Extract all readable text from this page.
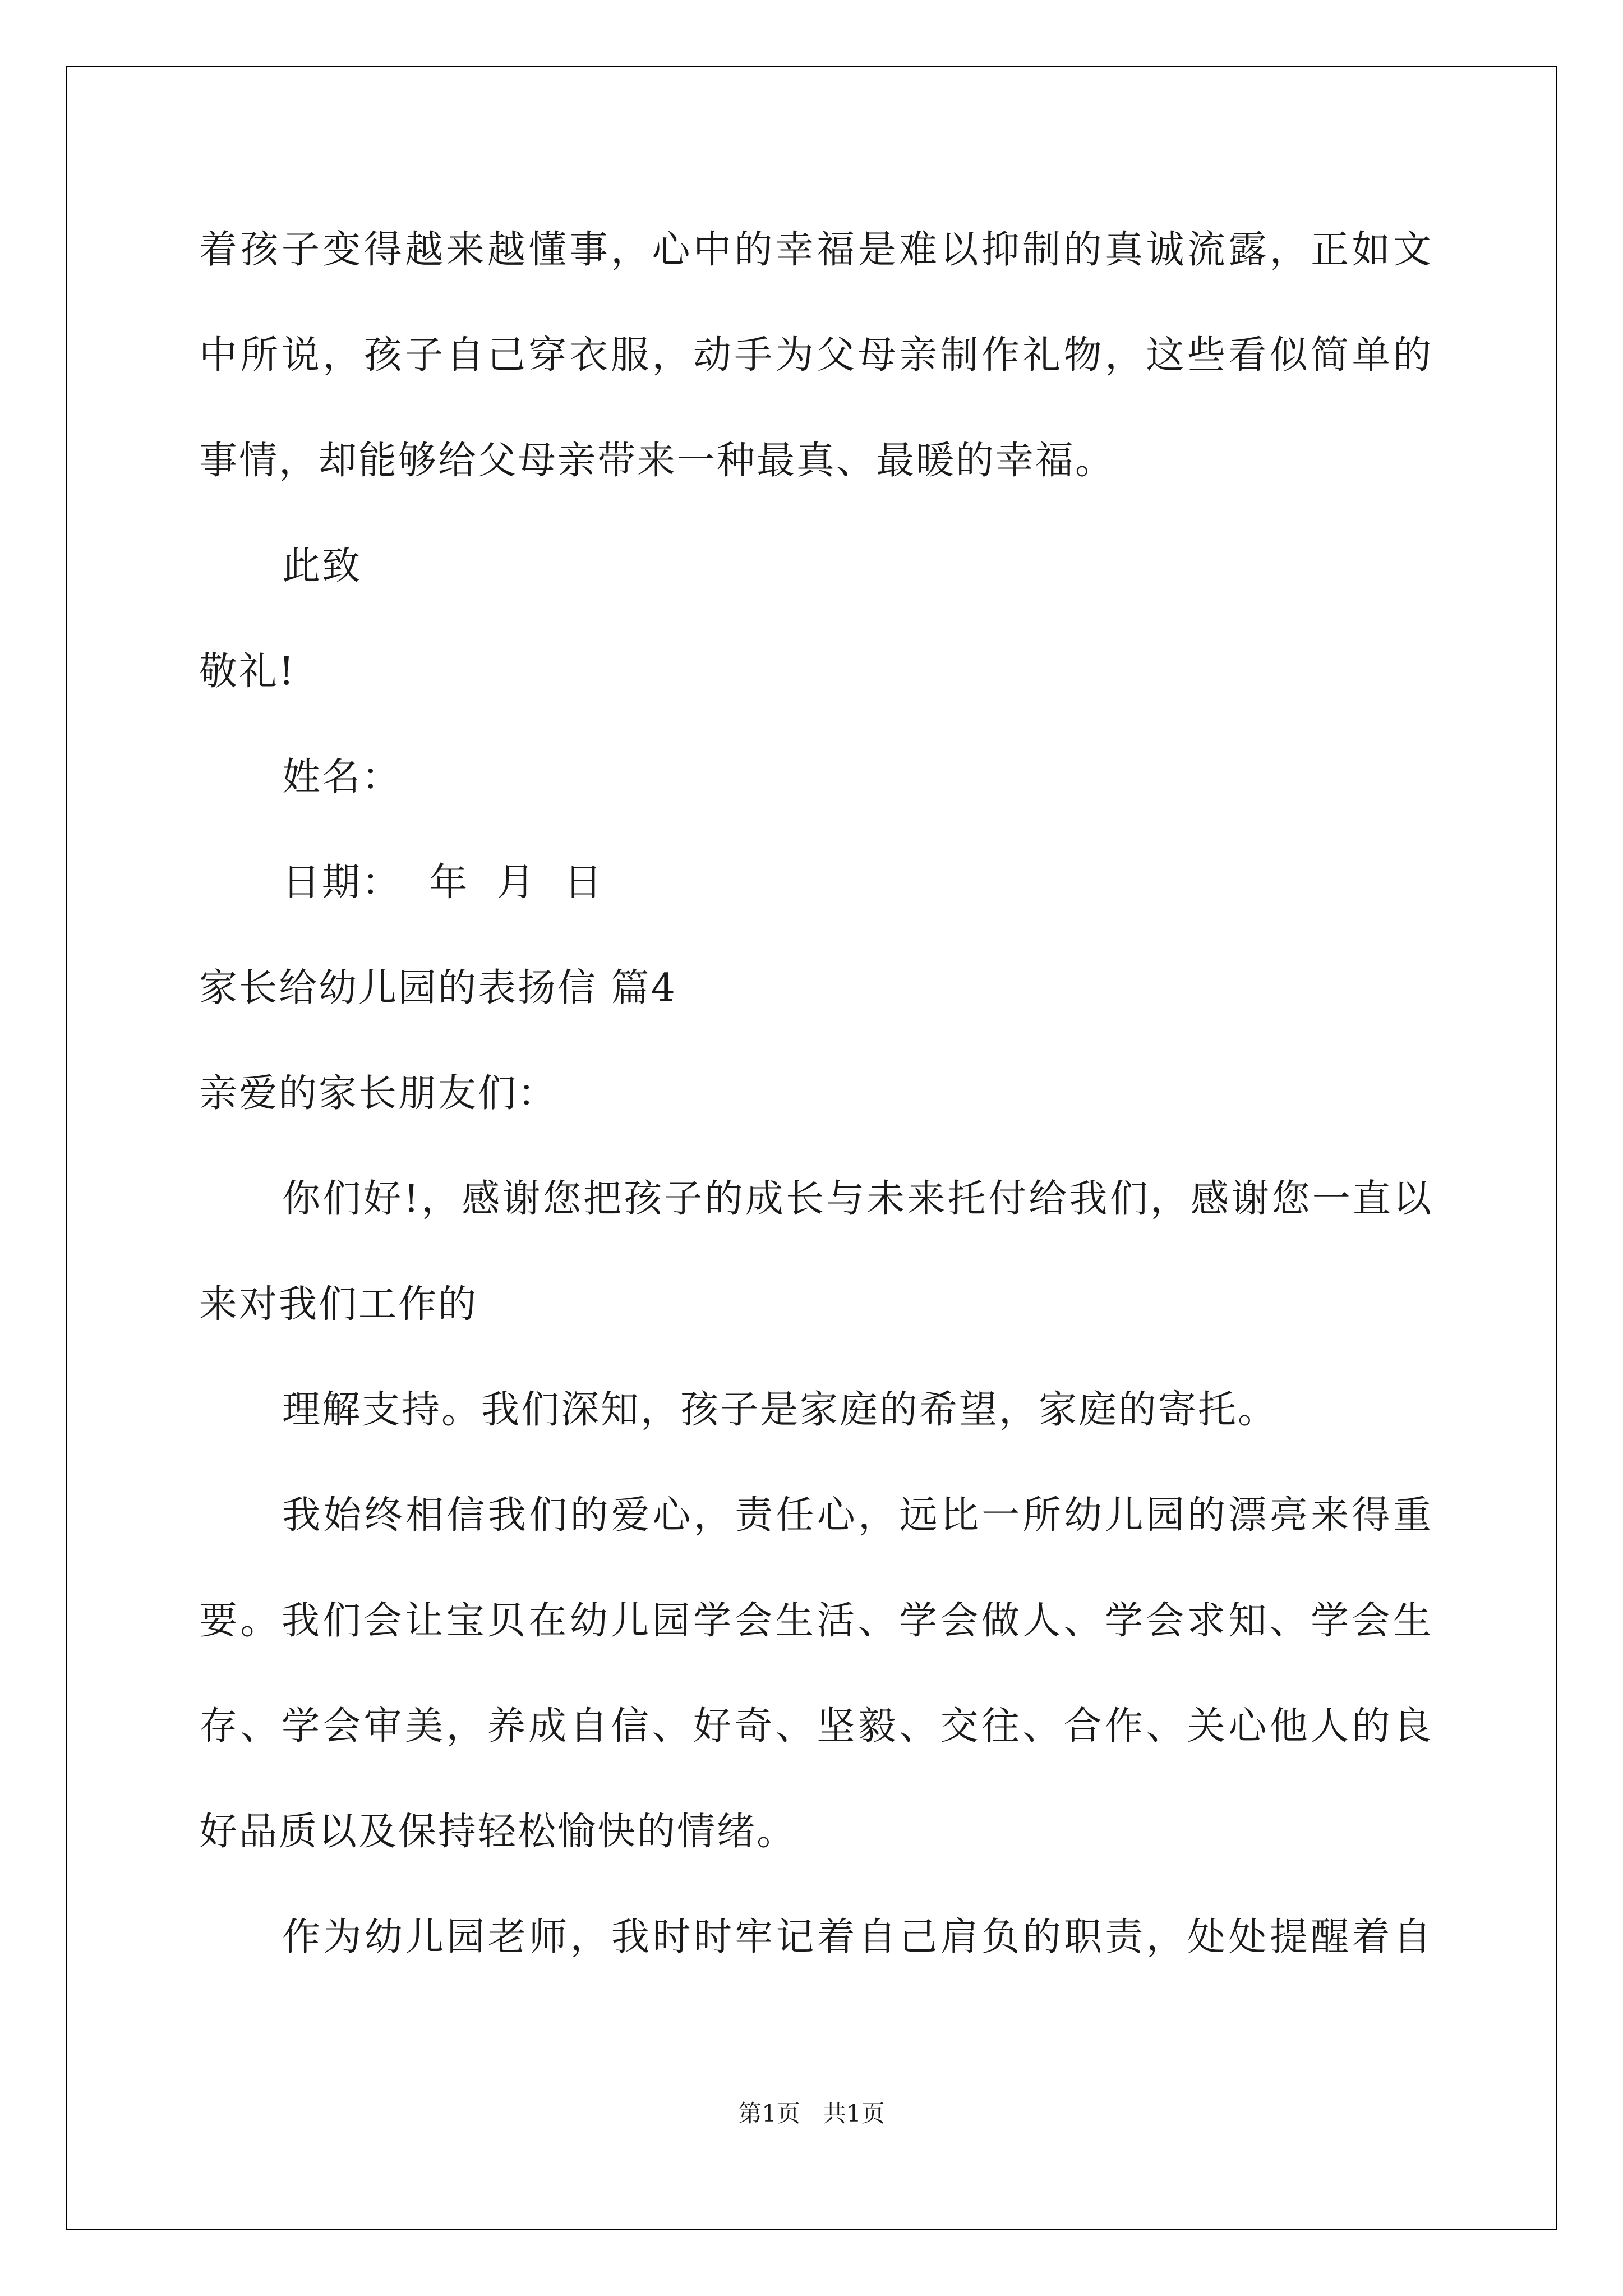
着孩子变得越来越懂事，心中的幸福是难以抑制的真诚流露，正如文
中所说，孩子自己穿衣服，动手为父母亲制作礼物，这些看似简单的
事情，却能够给父母亲带来一种最真、最暖的幸福。
此致
敬礼!
姓名：
日期：  年  月  日
家长给幼儿园的表扬信 篇4
亲爱的家长朋友们：
你们好!，感谢您把孩子的成长与未来托付给我们，感谢您一直以
来对我们工作的
理解支持。我们深知，孩子是家庭的希望，家庭的寄托。
我始终相信我们的爱心，责任心，远比一所幼儿园的漂亮来得重
要。我们会让宝贝在幼儿园学会生活、学会做人、学会求知、学会生
存、学会审美，养成自信、好奇、坚毅、交往、合作、关心他人的良
好品质以及保持轻松愉快的情绪。
作为幼儿园老师，我时时牢记着自己肩负的职责，处处提醒着自
第1页   共1页
